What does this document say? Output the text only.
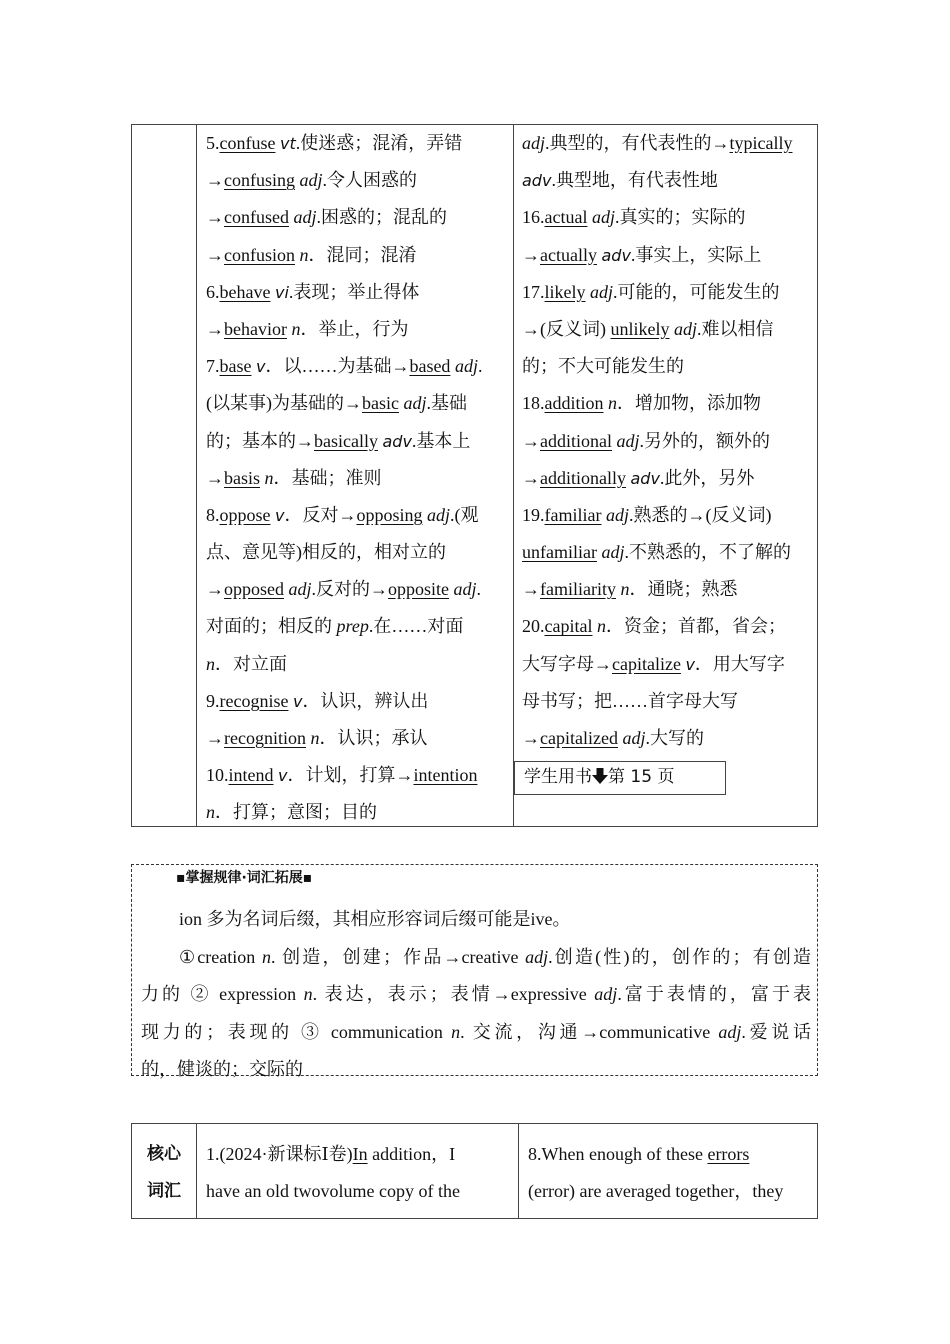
5.confuse vt.使迷惑；混淆，弄错
→confusing adj.令人困惑的
→confused adj.困惑的；混乱的
→confusion n．混同；混淆
6.behave vi.表现；举止得体
→behavior n．举止，行为
7.base v．以……为基础→based adj.
(以某事)为基础的→basic adj.基础
的；基本的→basically adv.基本上
→basis n．基础；准则
8.oppose v．反对→opposing adj.(观
点、意见等)相反的，相对立的
→opposed adj.反对的→opposite adj.
对面的；相反的 prep.在……对面
n．对立面
9.recognise v．认识，辨认出
→recognition n．认识；承认
10.intend v．计划，打算→intention
n．打算；意图；目的
adj.典型的，有代表性的→typically
adv.典型地，有代表性地
16.actual adj.真实的；实际的
→actually adv.事实上，实际上
17.likely adj.可能的，可能发生的
→(反义词) unlikely adj.难以相信
的；不大可能发生的
18.addition n．增加物，添加物
→additional adj.另外的，额外的
→additionally adv.此外，另外
19.familiar adj.熟悉的→(反义词)
unfamiliar adj.不熟悉的，不了解的
→familiarity n．通晓；熟悉
20.capital n．资金；首都，省会；
大写字母→capitalize v．用大写字
母书写；把……首字母大写
→capitalized adj.大写的
学生用书 第 15 页
▪掌握规律·词汇拓展▪
ion 多为名词后缀，其相应形容词后缀可能是ive。
①creation n. 创造，创建；作品→creative adj.创造(性)的，创作的；有创造
力的 ② expression n. 表达，表示；表情→expressive adj.富于表情的，富于表
现力的；表现的 ③ communication n. 交流，沟通→communicative adj.爱说话
的，健谈的；交际的
核心
词汇
1.(2024·新课标Ⅰ卷)In addition，I
have an old twovolume copy of the
8.When enough of these errors
(error) are averaged together，they
